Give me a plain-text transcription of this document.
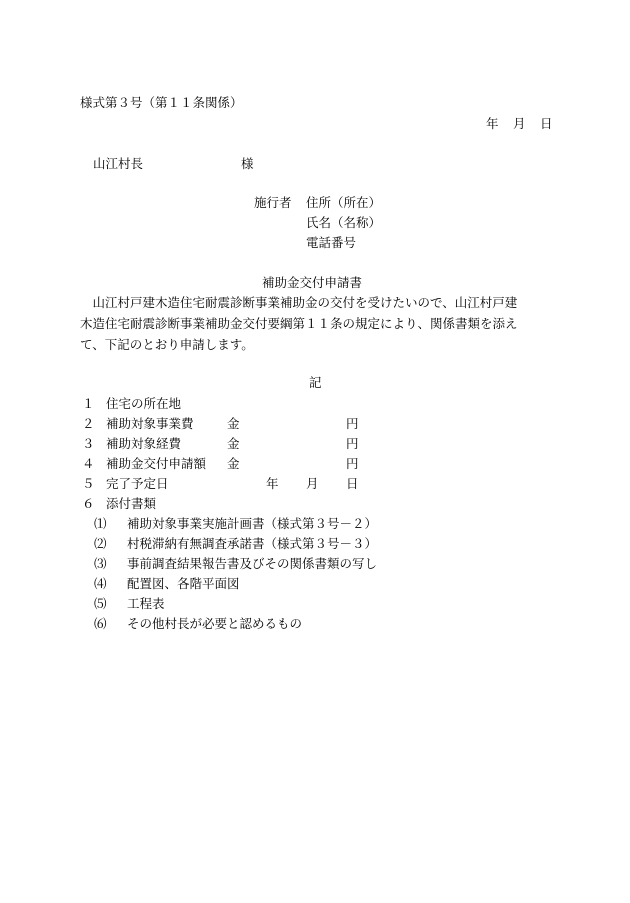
様式第３号（第１１条関係）
年 月 日
山江村長	様
施行者 住所（所在）
氏名（名称）
電話番号
補助金交付申請書
　山江村戸建木造住宅耐震診断事業補助金の交付を受けたいので、山江村戸建
木造住宅耐震診断事業補助金交付要綱第１１条の規定により、関係書類を添え
て、下記のとおり申請します。
記
１ 住宅の所在地
２ 補助対象事業費	金	円
３ 補助対象経費	金	円
４ 補助金交付申請額 金	円
５ 完了予定日	年 月 日
６ 添付書類
⑴ 補助対象事業実施計画書（様式第３号－２）
⑵ 村税滞納有無調査承諾書（様式第３号－３）
⑶ 事前調査結果報告書及びその関係書類の写し
⑷ 配置図、各階平面図
⑸ 工程表
⑹ その他村長が必要と認めるもの
